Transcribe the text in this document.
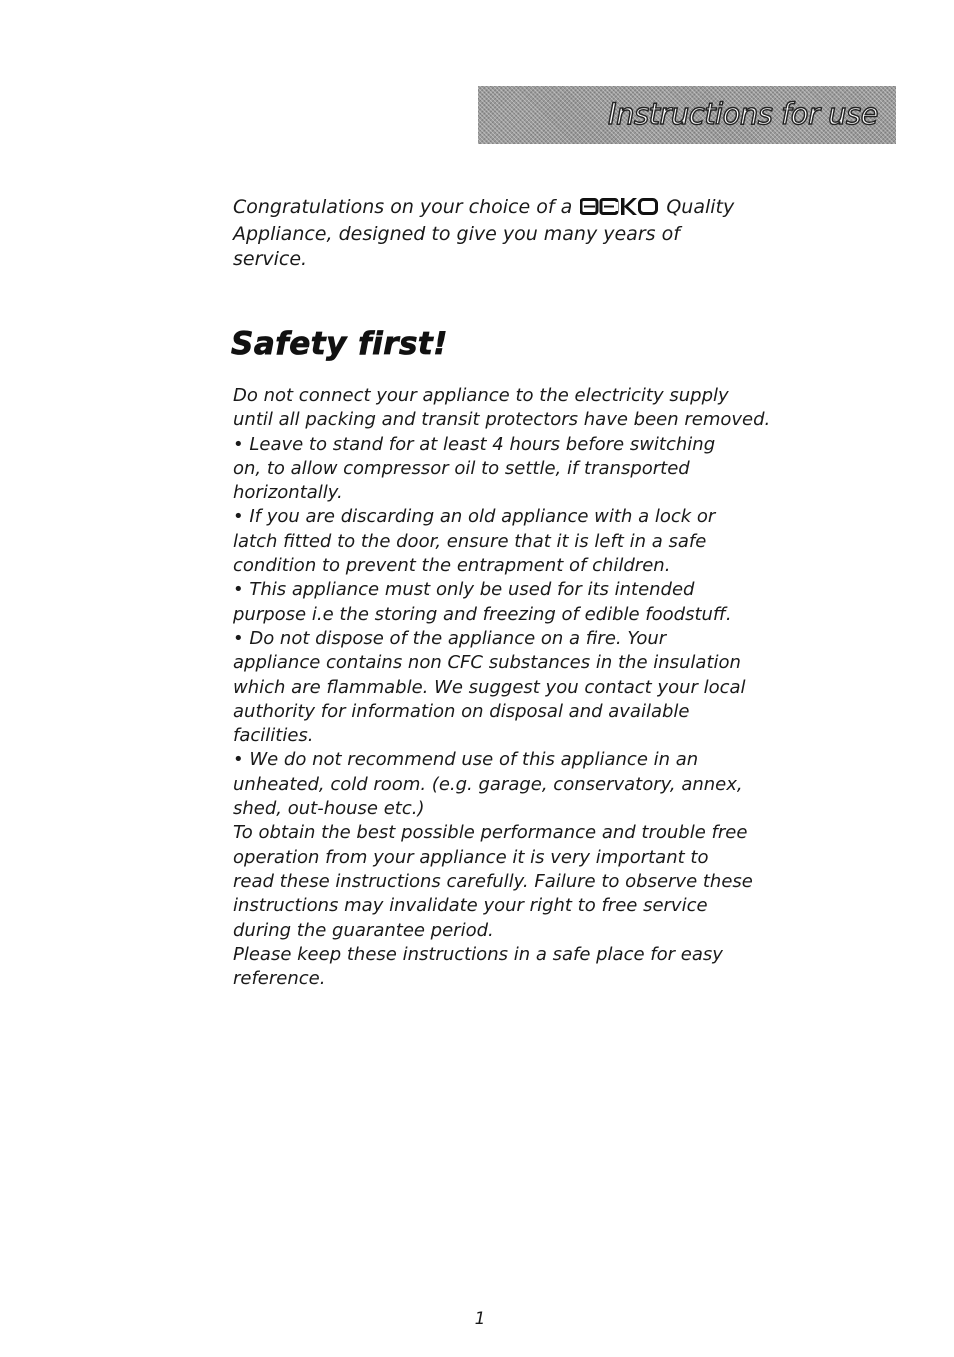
Instructions for use
Congratulations on your choice of a	Quality
Appliance, designed to give you many years of service.
Safety first!
Do not connect your appliance to the electricity supply
until all packing and transit protectors have been removed.
• Leave to stand for at least 4 hours before switching
on, to allow compressor oil to settle, if transported
horizontally.
• If you are discarding an old appliance with a lock or
latch fitted to the door, ensure that it is left in a safe
condition to prevent the entrapment of children.
• This appliance must only be used for its intended
purpose i.e the storing and freezing of edible foodstuff.
• Do not dispose of the appliance on a fire. Your
appliance contains non CFC substances in the insulation
which are flammable. We suggest you contact your local
authority for information on disposal and available
facilities.
• We do not recommend use of this appliance in an
unheated, cold room. (e.g. garage, conservatory, annex,
shed, out-house etc.)
To obtain the best possible performance and trouble free
operation from your appliance it is very important to
read these instructions carefully. Failure to observe these
instructions may invalidate your right to free service
during the guarantee period.
Please keep these instructions in a safe place for easy
reference.
1
